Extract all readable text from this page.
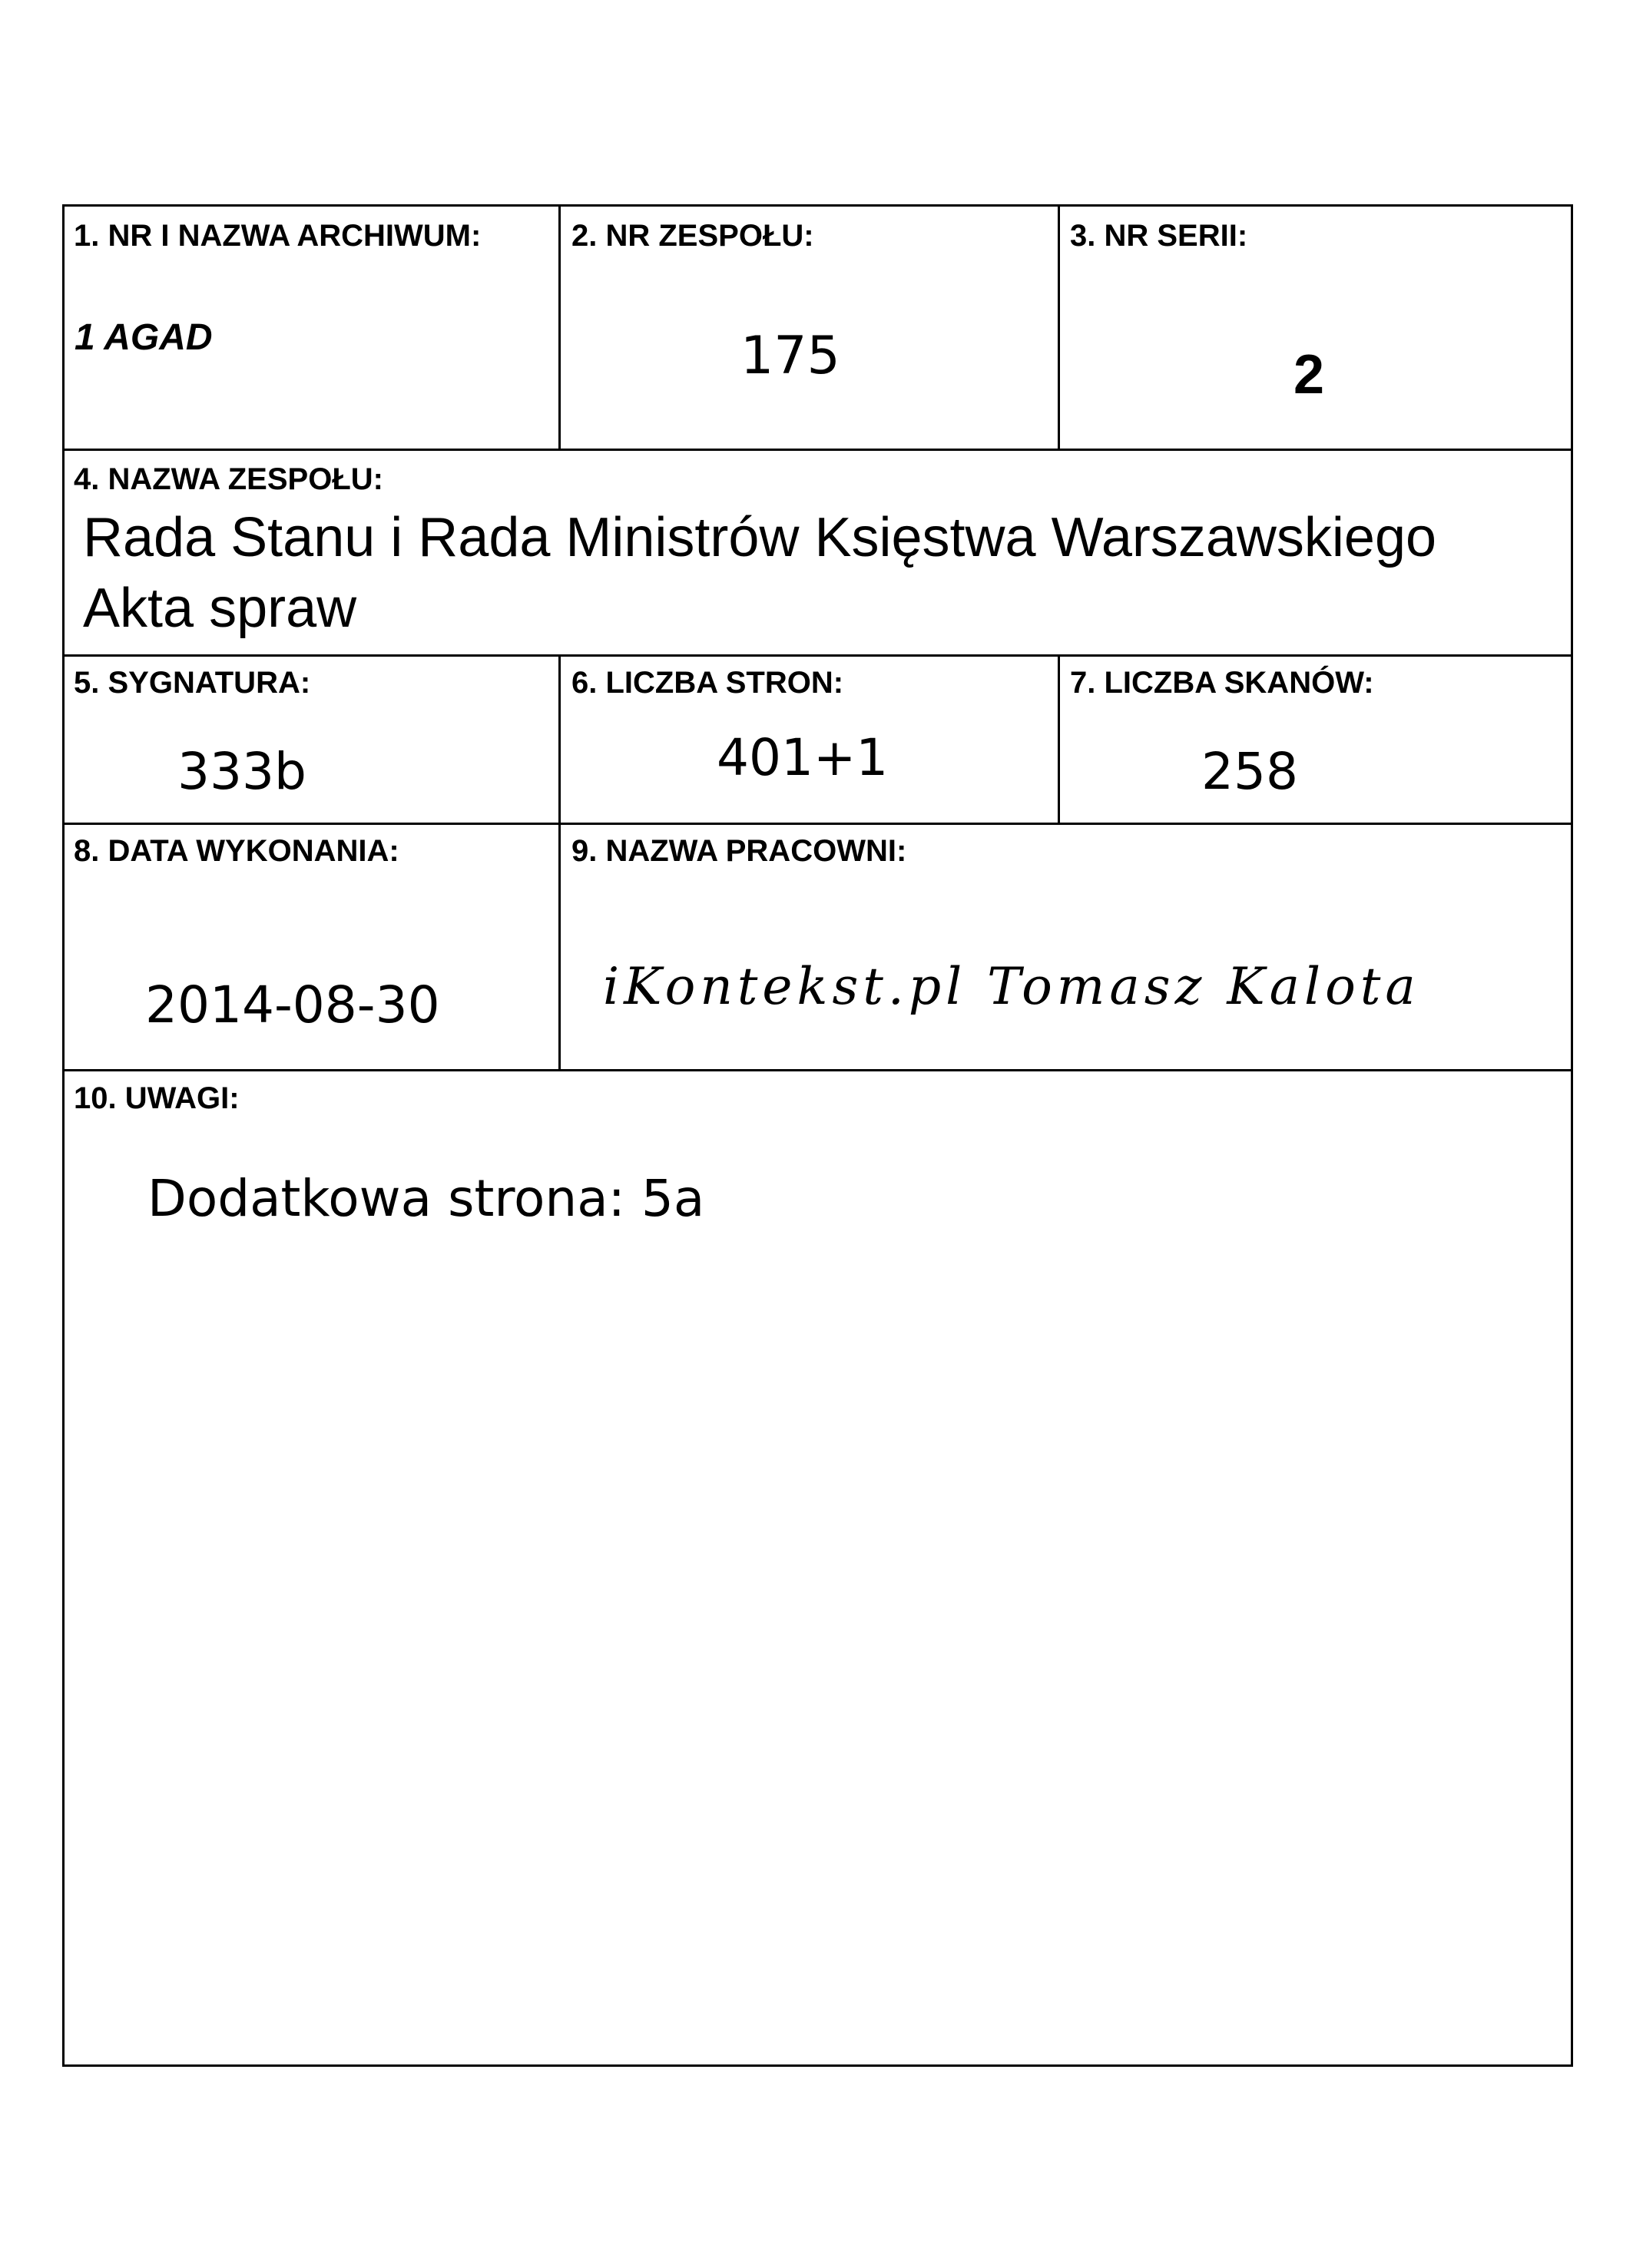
1. NR I NAZWA ARCHIWUM:
1 AGAD
2. NR ZESPOŁU:
175
3. NR SERII:
2
4. NAZWA ZESPOŁU:
Rada Stanu i Rada Ministrów Księstwa Warszawskiego
Akta spraw
5. SYGNATURA:
333b
6. LICZBA STRON:
401+1
7. LICZBA SKANÓW:
258
8. DATA WYKONANIA:
2014-08-30
9. NAZWA PRACOWNI:
iKontekst.pl Tomasz Kalota
10. UWAGI:
Dodatkowa strona: 5a
